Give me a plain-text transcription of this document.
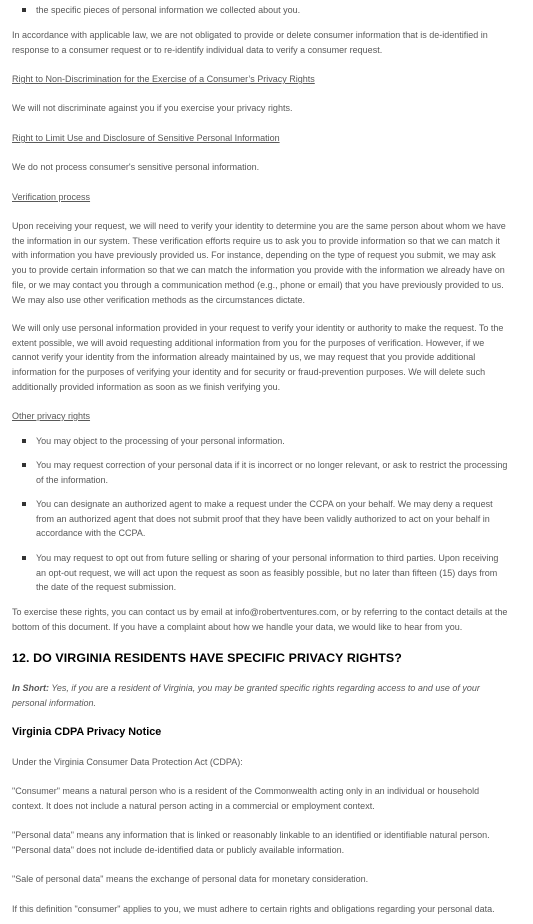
the specific pieces of personal information we collected about you.

In accordance with applicable law, we are not obligated to provide or delete consumer information that is de-identified in response to a consumer request or to re-identify individual data to verify a consumer request.

Right to Non-Discrimination for the Exercise of a Consumer’s Privacy Rights

We will not discriminate against you if you exercise your privacy rights.

Right to Limit Use and Disclosure of Sensitive Personal Information

We do not process consumer's sensitive personal information.

Verification process

Upon receiving your request, we will need to verify your identity to determine you are the same person about whom we have the information in our system. These verification efforts require us to ask you to provide information so that we can match it with information you have previously provided us. For instance, depending on the type of request you submit, we may ask you to provide certain information so that we can match the information you provide with the information we already have on file, or we may contact you through a communication method (e.g., phone or email) that you have previously provided to us. We may also use other verification methods as the circumstances dictate.

We will only use personal information provided in your request to verify your identity or authority to make the request. To the extent possible, we will avoid requesting additional information from you for the purposes of verification. However, if we cannot verify your identity from the information already maintained by us, we may request that you provide additional information for the purposes of verifying your identity and for security or fraud-prevention purposes. We will delete such additionally provided information as soon as we finish verifying you.

Other privacy rights

You may object to the processing of your personal information.
You may request correction of your personal data if it is incorrect or no longer relevant, or ask to restrict the processing of the information.
You can designate an authorized agent to make a request under the CCPA on your behalf. We may deny a request from an authorized agent that does not submit proof that they have been validly authorized to act on your behalf in accordance with the CCPA.
You may request to opt out from future selling or sharing of your personal information to third parties. Upon receiving an opt-out request, we will act upon the request as soon as feasibly possible, but no later than fifteen (15) days from the date of the request submission.

To exercise these rights, you can contact us by email at info@robertventures.com, or by referring to the contact details at the bottom of this document. If you have a complaint about how we handle your data, we would like to hear from you.

12. DO VIRGINIA RESIDENTS HAVE SPECIFIC PRIVACY RIGHTS?

In Short: Yes, if you are a resident of Virginia, you may be granted specific rights regarding access to and use of your personal information.

Virginia CDPA Privacy Notice

Under the Virginia Consumer Data Protection Act (CDPA):

"Consumer" means a natural person who is a resident of the Commonwealth acting only in an individual or household context. It does not include a natural person acting in a commercial or employment context.

"Personal data" means any information that is linked or reasonably linkable to an identified or identifiable natural person. "Personal data" does not include de-identified data or publicly available information.

"Sale of personal data" means the exchange of personal data for monetary consideration.

If this definition "consumer" applies to you, we must adhere to certain rights and obligations regarding your personal data.
